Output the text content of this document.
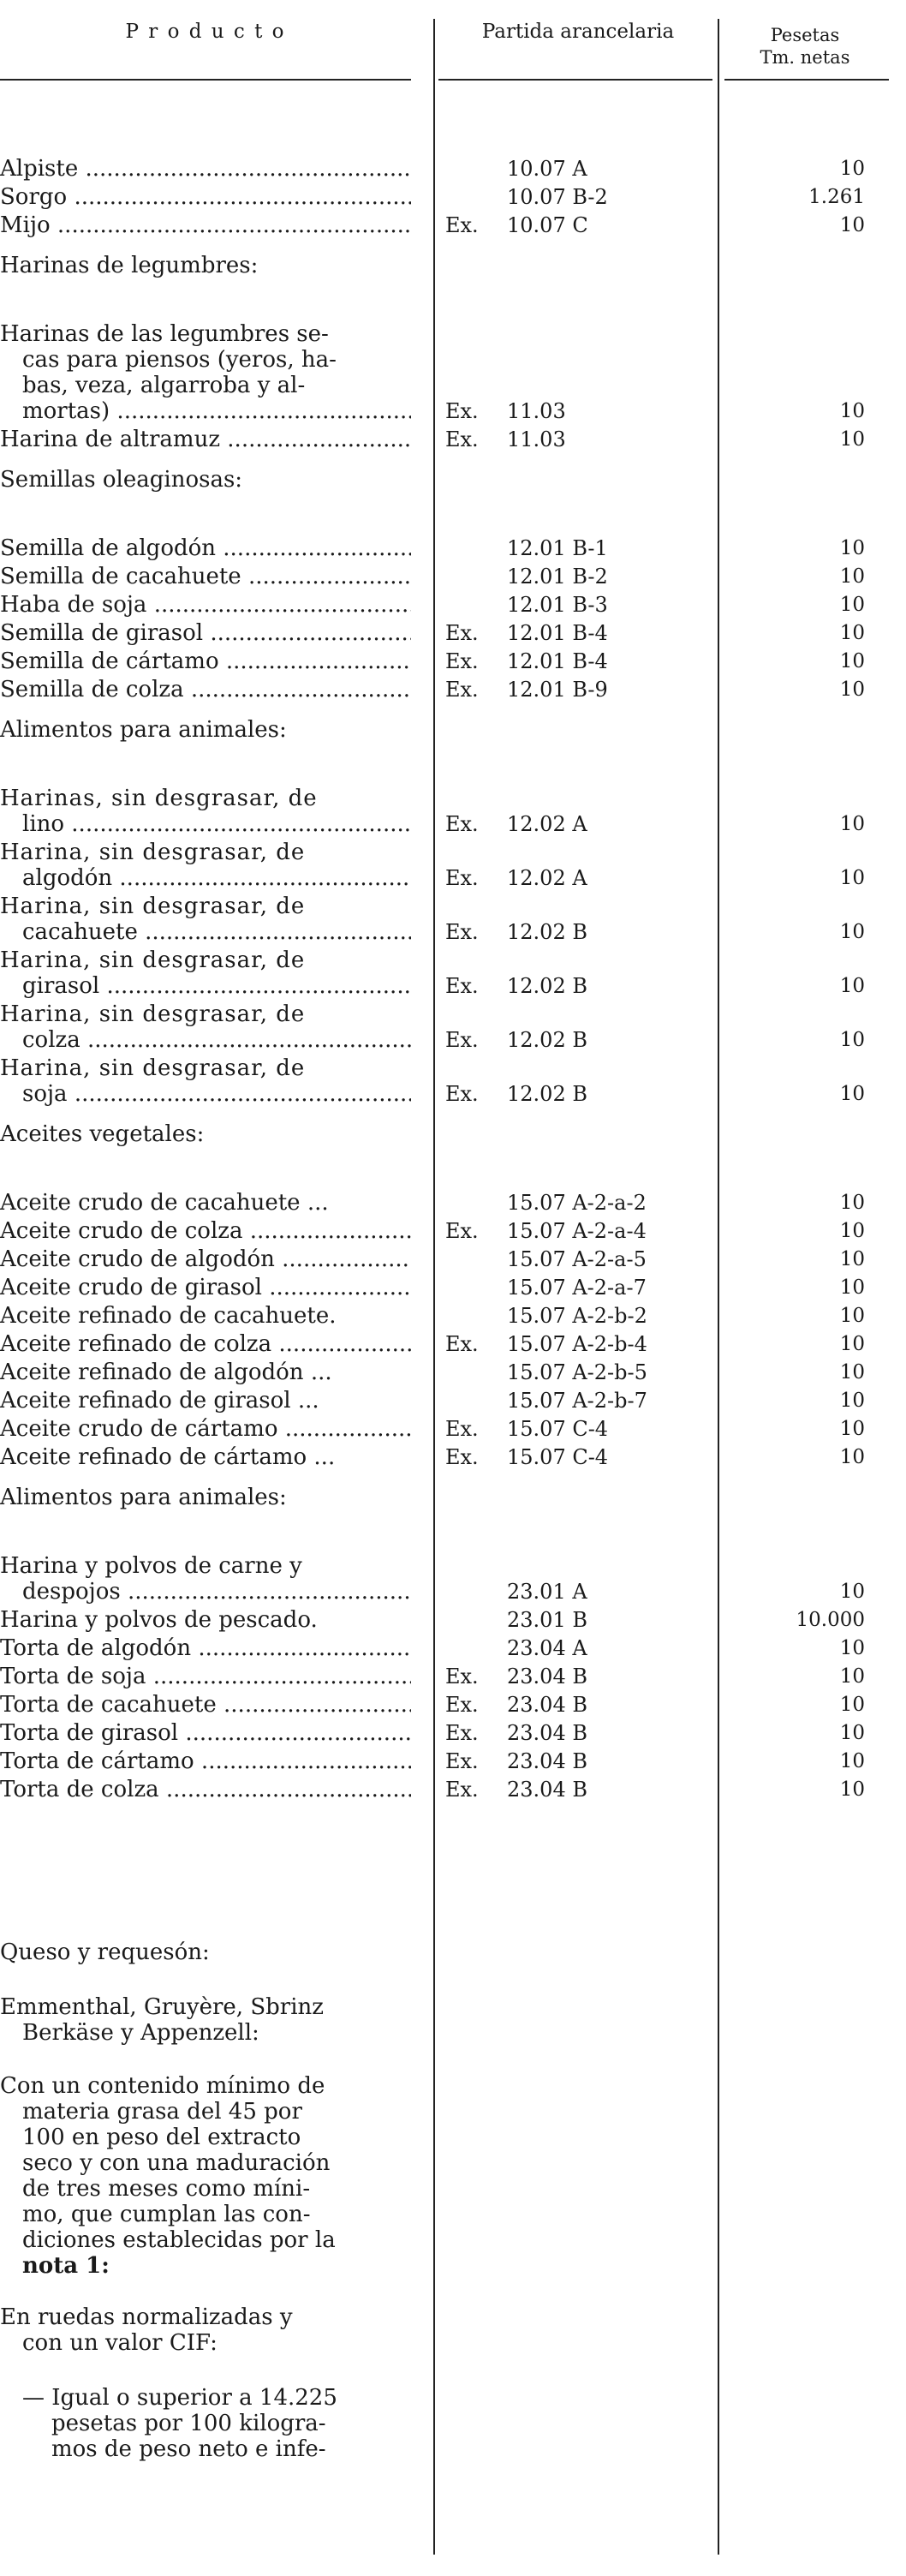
P r o d u c t o	Partida arancelaria	Pesetas
Tm. netas
Alpiste .....	10.07 A	10
Sorgo .....	10.07 B-2	1.261
Mijo .....	Ex.	10.07 C	10
Harinas de legumbres:
Harinas de las legumbres se-
cas para piensos (yeros, ha-
bas, veza, algarroba y al-
mortas) .....	Ex.	11.03	10
Harina de altramuz .....	Ex.	11.03	10
Semillas oleaginosas:
Semilla de algodón .....	12.01 B-1	10
Semilla de cacahuete .....	12.01 B-2	10
Haba de soja .....	12.01 B-3	10
Semilla de girasol .....	Ex.	12.01 B-4	10
Semilla de cártamo .....	Ex.	12.01 B-4	10
Semilla de colza .....	Ex.	12.01 B-9	10
Alimentos para animales:
Harinas, sin desgrasar, de
lino .....	Ex.	12.02 A	10
Harina, sin desgrasar, de
algodón .....	Ex.	12.02 A	10
Harina, sin desgrasar, de
cacahuete .....	Ex.	12.02 B	10
Harina, sin desgrasar, de
girasol .....	Ex.	12.02 B	10
Harina, sin desgrasar, de
colza .....	Ex.	12.02 B	10
Harina, sin desgrasar, de
soja .....	Ex.	12.02 B	10
Aceites vegetales:
Aceite crudo de cacahuete ...	15.07 A-2-a-2	10
Aceite crudo de colza .....	Ex.	15.07 A-2-a-4	10
Aceite crudo de algodón .....	15.07 A-2-a-5	10
Aceite crudo de girasol .....	15.07 A-2-a-7	10
Aceite refinado de cacahuete.	15.07 A-2-b-2	10
Aceite refinado de colza .....	Ex.	15.07 A-2-b-4	10
Aceite refinado de algodón ...	15.07 A-2-b-5	10
Aceite refinado de girasol ...	15.07 A-2-b-7	10
Aceite crudo de cártamo .....	Ex.	15.07 C-4	10
Aceite refinado de cártamo ...	Ex.	15.07 C-4	10
Alimentos para animales:
Harina y polvos de carne y
despojos .....	23.01 A	10
Harina y polvos de pescado.	23.01 B	10.000
Torta de algodón .....	23.04 A	10
Torta de soja .....	Ex.	23.04 B	10
Torta de cacahuete .....	Ex.	23.04 B	10
Torta de girasol .....	Ex.	23.04 B	10
Torta de cártamo .....	Ex.	23.04 B	10
Torta de colza .....	Ex.	23.04 B	10
Queso y requesón:
Emmenthal, Gruyère, Sbrinz
Berkäse y Appenzell:
Con un contenido mínimo de
materia grasa del 45 por
100 en peso del extracto
seco y con una maduración
de tres meses como míni-
mo, que cumplan las con-
diciones establecidas por la
nota 1:
En ruedas normalizadas y
con un valor CIF:
— Igual o superior a 14.225
pesetas por 100 kilogra-
mos de peso neto e infe-
